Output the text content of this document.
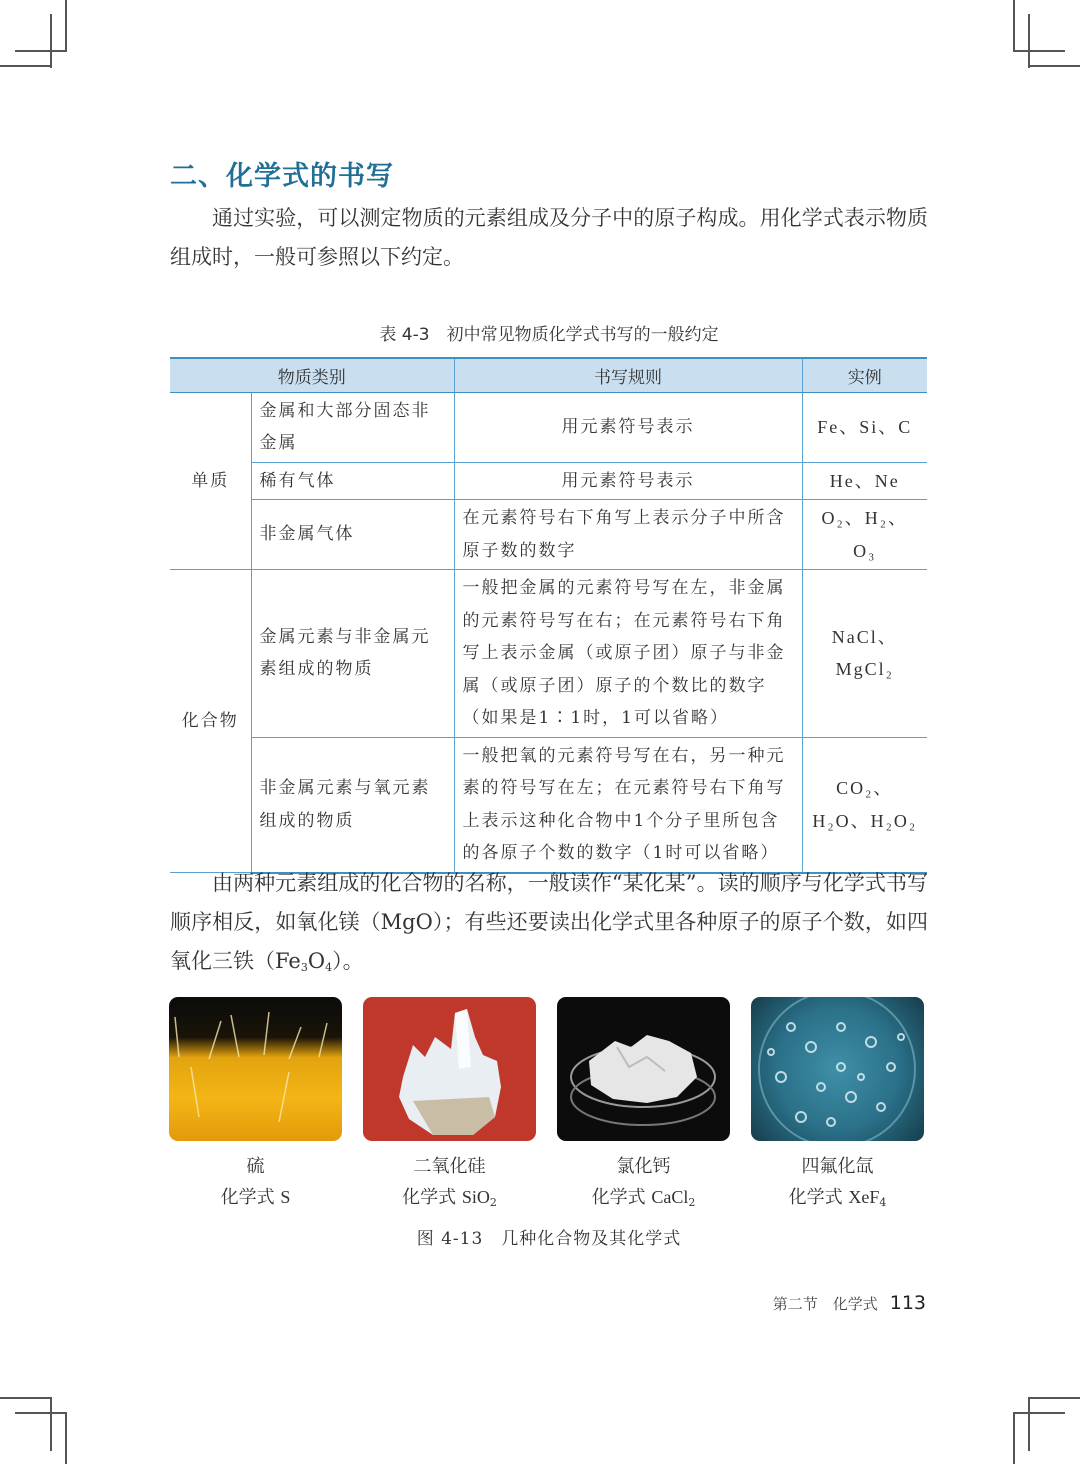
二、化学式的书写

通过实验，可以测定物质的元素组成及分子中的原子构成。用化学式表示物质组成时，一般可参照以下约定。

表 4-3　初中常见物质化学式书写的一般约定
物质类别		书写规则	实例
单质	金属和大部分固态非金属	用元素符号表示	Fe、Si、C
	稀有气体	用元素符号表示	He、Ne
	非金属气体	在元素符号右下角写上表示分子中所含原子数的数字	O₂、H₂、O₃
化合物	金属元素与非金属元素组成的物质	一般把金属的元素符号写在左，非金属的元素符号写在右；在元素符号右下角写上表示金属（或原子团）原子与非金属（或原子团）原子的个数比的数字（如果是1∶1时，1可以省略）	NaCl、MgCl₂
	非金属元素与氧元素组成的物质	一般把氧的元素符号写在右，另一种元素的符号写在左；在元素符号右下角写上表示这种化合物中1个分子里所包含的各原子个数的数字（1时可以省略）	CO₂、H₂O、H₂O₂

由两种元素组成的化合物的名称，一般读作“某化某”。读的顺序与化学式书写顺序相反，如氧化镁（MgO）；有些还要读出化学式里各种原子的原子个数，如四氧化三铁$(Fe_3O_4)$。

硫
化学式 S
二氧化硅
化学式 SiO$_2$
氯化钙
化学式 CaCl$_2$
四氟化氙
化学式 XeF$_4$
图 4-13　几种化合物及其化学式
第二节　化学式 113
